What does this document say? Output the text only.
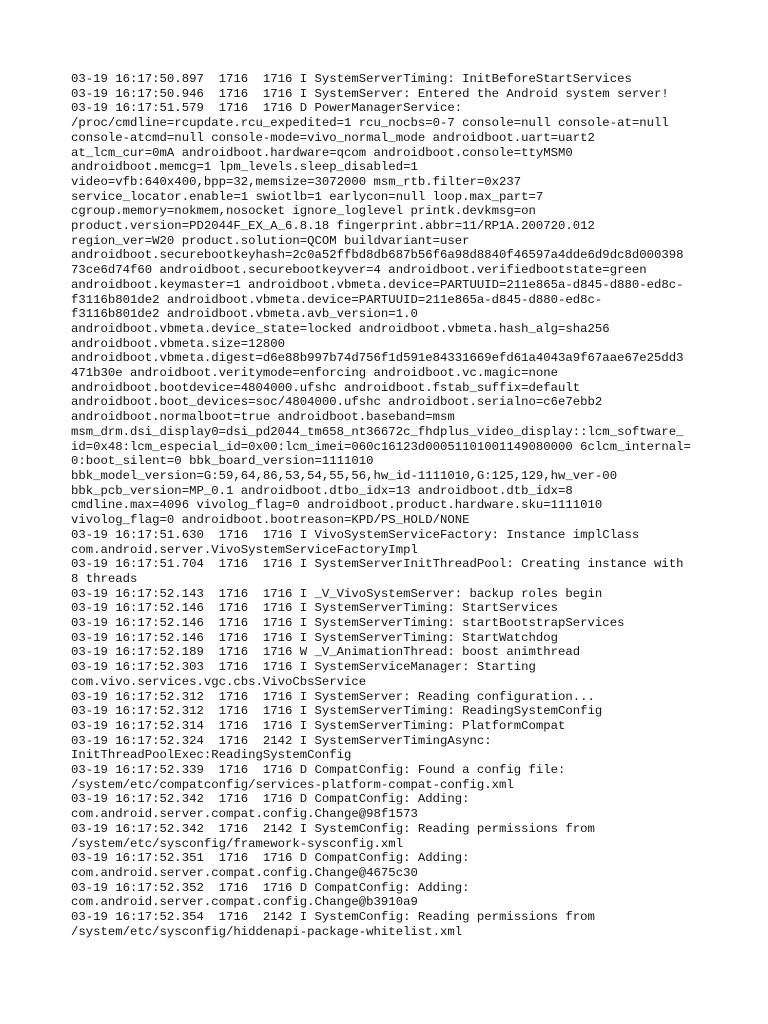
03-19 16:17:50.897  1716  1716 I SystemServerTiming: InitBeforeStartServices
03-19 16:17:50.946  1716  1716 I SystemServer: Entered the Android system server!
03-19 16:17:51.579  1716  1716 D PowerManagerService:
/proc/cmdline=rcupdate.rcu_expedited=1 rcu_nocbs=0-7 console=null console-at=null
console-atcmd=null console-mode=vivo_normal_mode androidboot.uart=uart2
at_lcm_cur=0mA androidboot.hardware=qcom androidboot.console=ttyMSM0
androidboot.memcg=1 lpm_levels.sleep_disabled=1
video=vfb:640x400,bpp=32,memsize=3072000 msm_rtb.filter=0x237
service_locator.enable=1 swiotlb=1 earlycon=null loop.max_part=7
cgroup.memory=nokmem,nosocket ignore_loglevel printk.devkmsg=on
product.version=PD2044F_EX_A_6.8.18 fingerprint.abbr=11/RP1A.200720.012
region_ver=W20 product.solution=QCOM buildvariant=user
androidboot.securebootkeyhash=2c0a52ffbd8db687b56f6a98d8840f46597a4dde6d9dc8d000398
73ce6d74f60 androidboot.securebootkeyver=4 androidboot.verifiedbootstate=green
androidboot.keymaster=1 androidboot.vbmeta.device=PARTUUID=211e865a-d845-d880-ed8c-
f3116b801de2 androidboot.vbmeta.device=PARTUUID=211e865a-d845-d880-ed8c-
f3116b801de2 androidboot.vbmeta.avb_version=1.0
androidboot.vbmeta.device_state=locked androidboot.vbmeta.hash_alg=sha256
androidboot.vbmeta.size=12800
androidboot.vbmeta.digest=d6e88b997b74d756f1d591e84331669efd61a4043a9f67aae67e25dd3
471b30e androidboot.veritymode=enforcing androidboot.vc.magic=none
androidboot.bootdevice=4804000.ufshc androidboot.fstab_suffix=default
androidboot.boot_devices=soc/4804000.ufshc androidboot.serialno=c6e7ebb2
androidboot.normalboot=true androidboot.baseband=msm
msm_drm.dsi_display0=dsi_pd2044_tm658_nt36672c_fhdplus_video_display::lcm_software_
id=0x48:lcm_especial_id=0x00:lcm_imei=060c16123d00051101001149080000 6clcm_internal=
0:boot_silent=0 bbk_board_version=1111010
bbk_model_version=G:59,64,86,53,54,55,56,hw_id-1111010,G:125,129,hw_ver-00
bbk_pcb_version=MP_0.1 androidboot.dtbo_idx=13 androidboot.dtb_idx=8
cmdline.max=4096 vivolog_flag=0 androidboot.product.hardware.sku=1111010
vivolog_flag=0 androidboot.bootreason=KPD/PS_HOLD/NONE
03-19 16:17:51.630  1716  1716 I VivoSystemServiceFactory: Instance implClass
com.android.server.VivoSystemServiceFactoryImpl
03-19 16:17:51.704  1716  1716 I SystemServerInitThreadPool: Creating instance with
8 threads
03-19 16:17:52.143  1716  1716 I _V_VivoSystemServer: backup roles begin
03-19 16:17:52.146  1716  1716 I SystemServerTiming: StartServices
03-19 16:17:52.146  1716  1716 I SystemServerTiming: startBootstrapServices
03-19 16:17:52.146  1716  1716 I SystemServerTiming: StartWatchdog
03-19 16:17:52.189  1716  1716 W _V_AnimationThread: boost animthread
03-19 16:17:52.303  1716  1716 I SystemServiceManager: Starting
com.vivo.services.vgc.cbs.VivoCbsService
03-19 16:17:52.312  1716  1716 I SystemServer: Reading configuration...
03-19 16:17:52.312  1716  1716 I SystemServerTiming: ReadingSystemConfig
03-19 16:17:52.314  1716  1716 I SystemServerTiming: PlatformCompat
03-19 16:17:52.324  1716  2142 I SystemServerTimingAsync:
InitThreadPoolExec:ReadingSystemConfig
03-19 16:17:52.339  1716  1716 D CompatConfig: Found a config file:
/system/etc/compatconfig/services-platform-compat-config.xml
03-19 16:17:52.342  1716  1716 D CompatConfig: Adding:
com.android.server.compat.config.Change@98f1573
03-19 16:17:52.342  1716  2142 I SystemConfig: Reading permissions from
/system/etc/sysconfig/framework-sysconfig.xml
03-19 16:17:52.351  1716  1716 D CompatConfig: Adding:
com.android.server.compat.config.Change@4675c30
03-19 16:17:52.352  1716  1716 D CompatConfig: Adding:
com.android.server.compat.config.Change@b3910a9
03-19 16:17:52.354  1716  2142 I SystemConfig: Reading permissions from
/system/etc/sysconfig/hiddenapi-package-whitelist.xml
